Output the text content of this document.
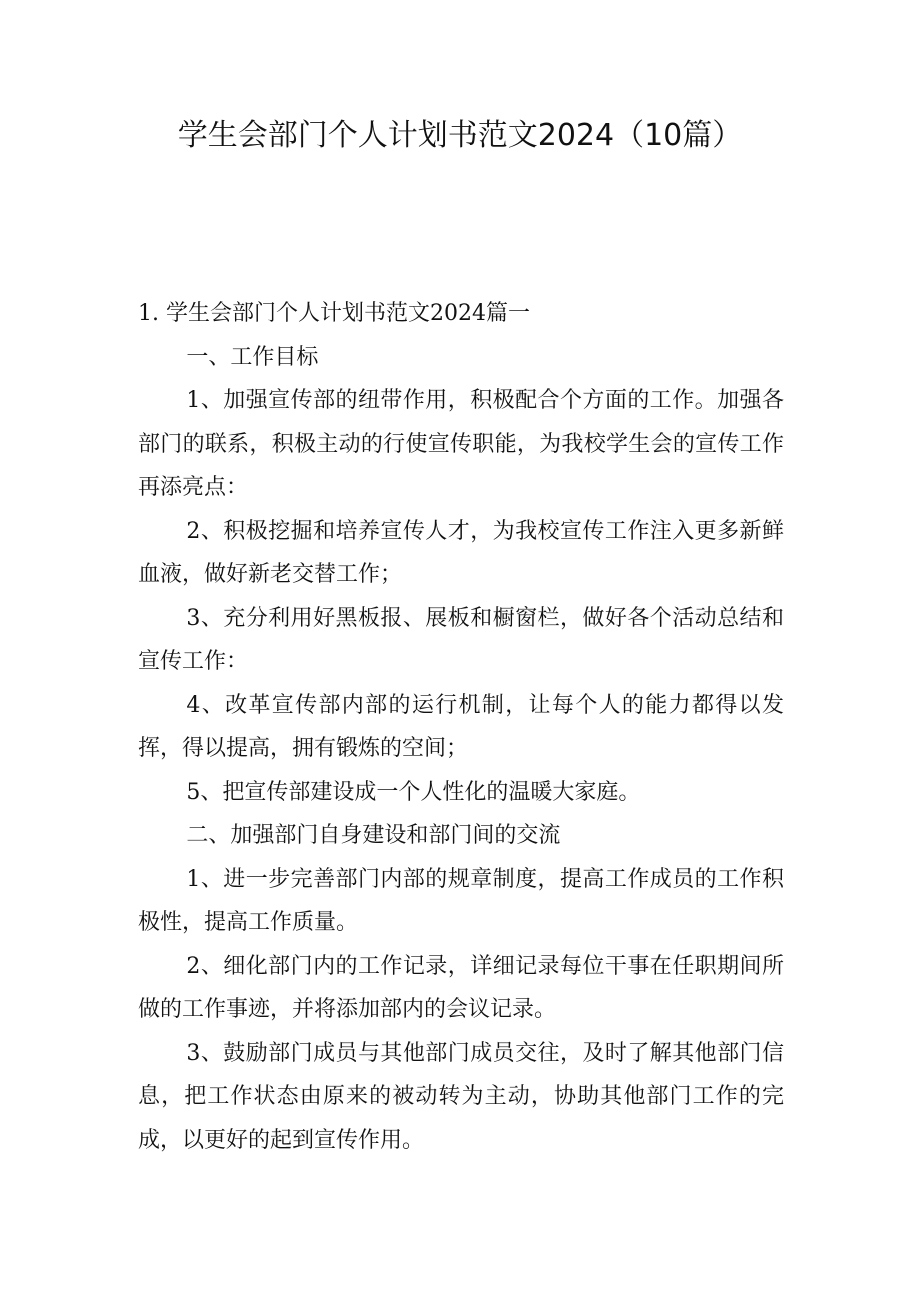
学生会部门个人计划书范文2024（10篇）

1. 学生会部门个人计划书范文2024篇一

一、工作目标

1、加强宣传部的纽带作用，积极配合个方面的工作。加强各部门的联系，积极主动的行使宣传职能，为我校学生会的宣传工作再添亮点：

2、积极挖掘和培养宣传人才，为我校宣传工作注入更多新鲜血液，做好新老交替工作；

3、充分利用好黑板报、展板和橱窗栏，做好各个活动总结和宣传工作：

4、改革宣传部内部的运行机制，让每个人的能力都得以发挥，得以提高，拥有锻炼的空间；

5、把宣传部建设成一个人性化的温暖大家庭。

二、加强部门自身建设和部门间的交流

1、进一步完善部门内部的规章制度，提高工作成员的工作积极性，提高工作质量。

2、细化部门内的工作记录，详细记录每位干事在任职期间所做的工作事迹，并将添加部内的会议记录。

3、鼓励部门成员与其他部门成员交往，及时了解其他部门信息，把工作状态由原来的被动转为主动，协助其他部门工作的完成，以更好的起到宣传作用。
